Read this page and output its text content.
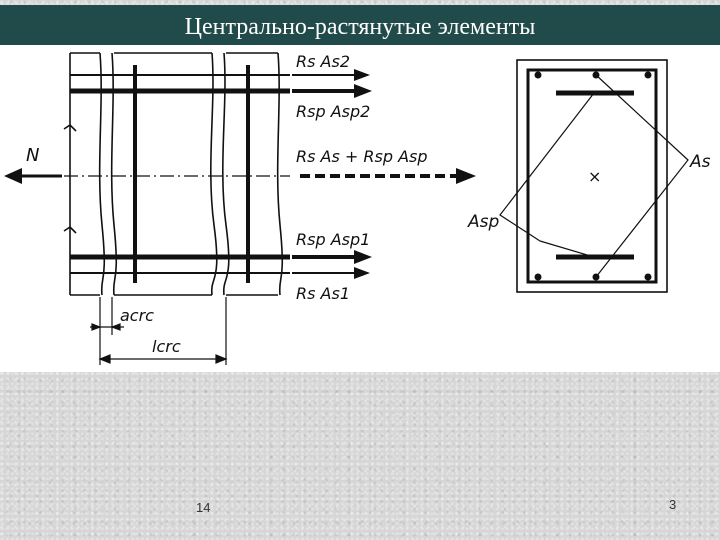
Центрально-растянутые элементы
N
Rs As2
Rsp Asp2
Rs As + Rsp Asp
Rsp Asp1
Rs As1
acrc
lcrc
×
As
Asp
14	3
